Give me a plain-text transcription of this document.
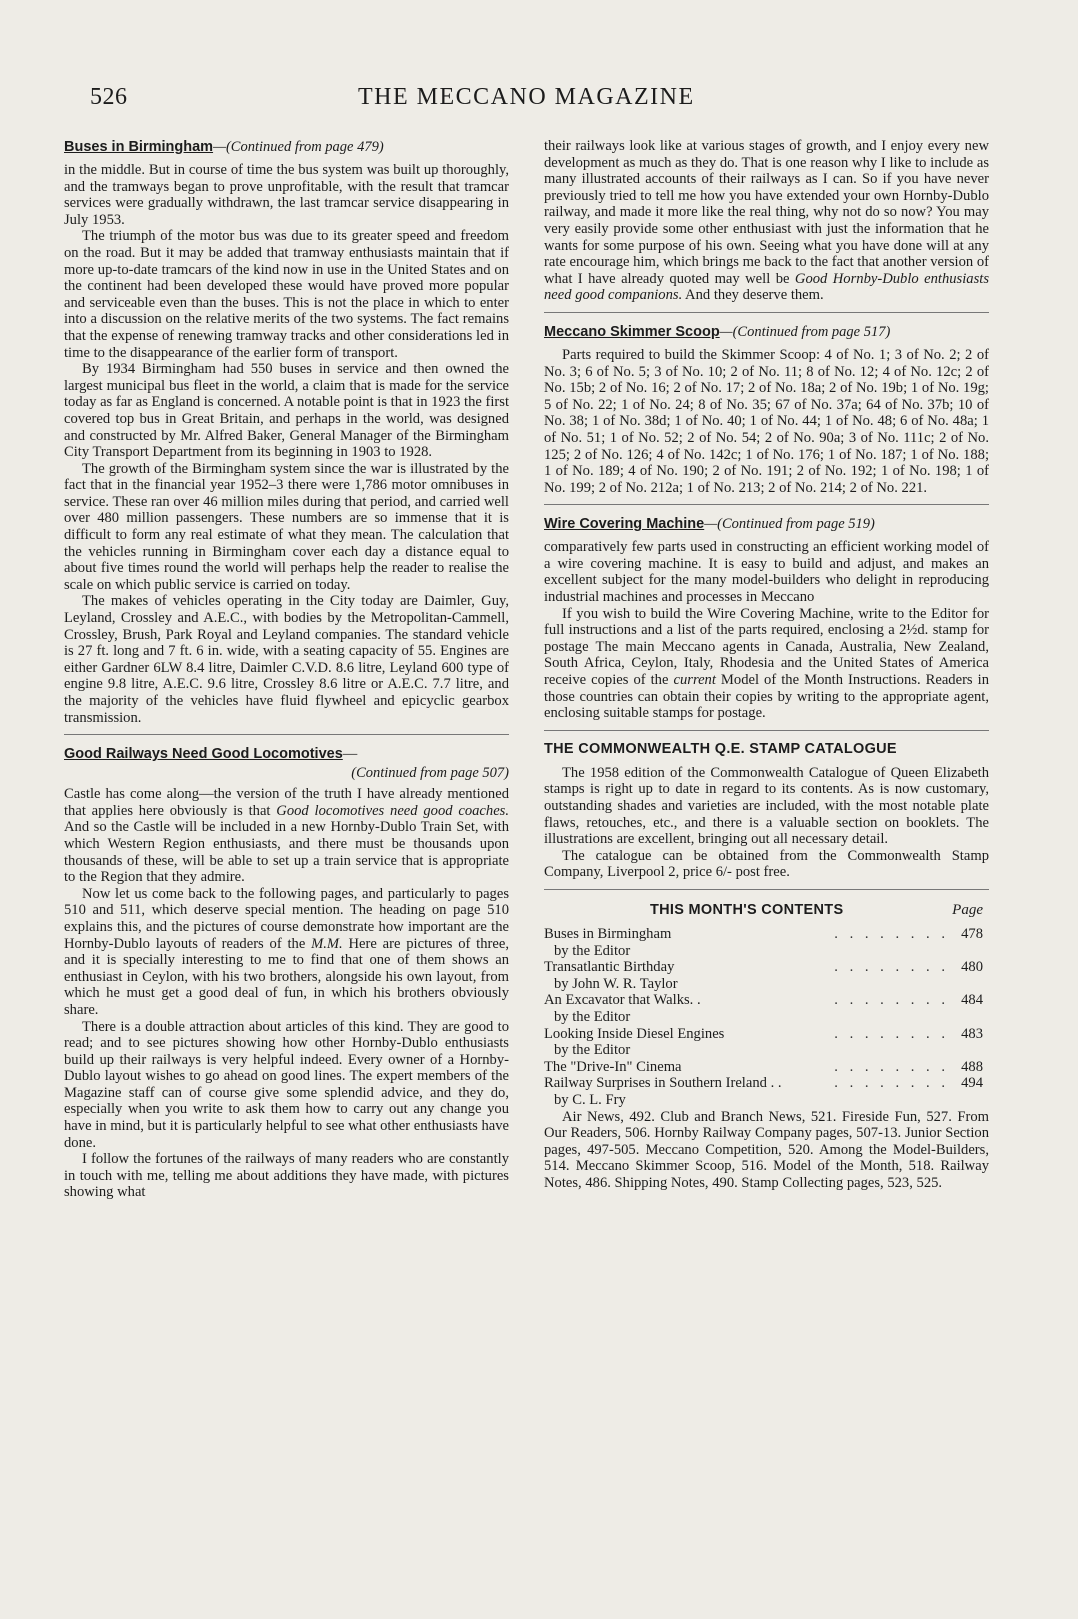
526	THE MECCANO MAGAZINE
Buses in Birmingham—(Continued from page 479)

in the middle. But in course of time the bus system was built up thoroughly, and the tramways began to prove unprofitable, with the result that tramcar services were gradually withdrawn, the last tramcar service disappearing in July 1953.

The triumph of the motor bus was due to its greater speed and freedom on the road. But it may be added that tramway enthusiasts maintain that if more up-to-date tramcars of the kind now in use in the United States and on the continent had been developed these would have proved more popular and serviceable even than the buses. This is not the place in which to enter into a discussion on the relative merits of the two systems. The fact remains that the expense of renewing tramway tracks and other considerations led in time to the disappearance of the earlier form of transport.

By 1934 Birmingham had 550 buses in service and then owned the largest municipal bus fleet in the world, a claim that is made for the service today as far as England is concerned. A notable point is that in 1923 the first covered top bus in Great Britain, and perhaps in the world, was designed and constructed by Mr. Alfred Baker, General Manager of the Birmingham City Transport Department from its beginning in 1903 to 1928.

The growth of the Birmingham system since the war is illustrated by the fact that in the financial year 1952–3 there were 1,786 motor omnibuses in service. These ran over 46 million miles during that period, and carried well over 480 million passengers. These numbers are so immense that it is difficult to form any real estimate of what they mean. The calculation that the vehicles running in Birmingham cover each day a distance equal to about five times round the world will perhaps help the reader to realise the scale on which public service is carried on today.

The makes of vehicles operating in the City today are Daimler, Guy, Leyland, Crossley and A.E.C., with bodies by the Metropolitan-Cammell, Crossley, Brush, Park Royal and Leyland companies. The standard vehicle is 27 ft. long and 7 ft. 6 in. wide, with a seating capacity of 55. Engines are either Gardner 6LW 8.4 litre, Daimler C.V.D. 8.6 litre, Leyland 600 type of engine 9.8 litre, A.E.C. 9.6 litre, Crossley 8.6 litre or A.E.C. 7.7 litre, and the majority of the vehicles have fluid flywheel and epicyclic gearbox transmission.

Good Railways Need Good Locomotives—
(Continued from page 507)

Castle has come along—the version of the truth I have already mentioned that applies here obviously is that Good locomotives need good coaches. And so the Castle will be included in a new Hornby-Dublo Train Set, with which Western Region enthusiasts, and there must be thousands upon thousands of these, will be able to set up a train service that is appropriate to the Region that they admire.

Now let us come back to the following pages, and particularly to pages 510 and 511, which deserve special mention. The heading on page 510 explains this, and the pictures of course demonstrate how important are the Hornby-Dublo layouts of readers of the M.M. Here are pictures of three, and it is specially interesting to me to find that one of them shows an enthusiast in Ceylon, with his two brothers, alongside his own layout, from which he must get a good deal of fun, in which his brothers obviously share.

There is a double attraction about articles of this kind. They are good to read; and to see pictures showing how other Hornby-Dublo enthusiasts build up their railways is very helpful indeed. Every owner of a Hornby-Dublo layout wishes to go ahead on good lines. The expert members of the Magazine staff can of course give some splendid advice, and they do, especially when you write to ask them how to carry out any change you have in mind, but it is particularly helpful to see what other enthusiasts have done.

I follow the fortunes of the railways of many readers who are constantly in touch with me, telling me about additions they have made, with pictures showing what

their railways look like at various stages of growth, and I enjoy every new development as much as they do. That is one reason why I like to include as many illustrated accounts of their railways as I can. So if you have never previously tried to tell me how you have extended your own Hornby-Dublo railway, and made it more like the real thing, why not do so now? You may very easily provide some other enthusiast with just the information that he wants for some purpose of his own. Seeing what you have done will at any rate encourage him, which brings me back to the fact that another version of what I have already quoted may well be Good Hornby-Dublo enthusiasts need good companions. And they deserve them.

Meccano Skimmer Scoop—(Continued from page 517)

Parts required to build the Skimmer Scoop: 4 of No. 1; 3 of No. 2; 2 of No. 3; 6 of No. 5; 3 of No. 10; 2 of No. 11; 8 of No. 12; 4 of No. 12c; 2 of No. 15b; 2 of No. 16; 2 of No. 17; 2 of No. 18a; 2 of No. 19b; 1 of No. 19g; 5 of No. 22; 1 of No. 24; 8 of No. 35; 67 of No. 37a; 64 of No. 37b; 10 of No. 38; 1 of No. 38d; 1 of No. 40; 1 of No. 44; 1 of No. 48; 6 of No. 48a; 1 of No. 51; 1 of No. 52; 2 of No. 54; 2 of No. 90a; 3 of No. 111c; 2 of No. 125; 2 of No. 126; 4 of No. 142c; 1 of No. 176; 1 of No. 187; 1 of No. 188; 1 of No. 189; 4 of No. 190; 2 of No. 191; 2 of No. 192; 1 of No. 198; 1 of No. 199; 2 of No. 212a; 1 of No. 213; 2 of No. 214; 2 of No. 221.

Wire Covering Machine—(Continued from page 519)

comparatively few parts used in constructing an efficient working model of a wire covering machine. It is easy to build and adjust, and makes an excellent subject for the many model-builders who delight in reproducing industrial machines and processes in Meccano

If you wish to build the Wire Covering Machine, write to the Editor for full instructions and a list of the parts required, enclosing a 2½d. stamp for postage The main Meccano agents in Canada, Australia, New Zealand, South Africa, Ceylon, Italy, Rhodesia and the United States of America receive copies of the current Model of the Month Instructions. Readers in those countries can obtain their copies by writing to the appropriate agent, enclosing suitable stamps for postage.

THE COMMONWEALTH Q.E. STAMP CATALOGUE

The 1958 edition of the Commonwealth Catalogue of Queen Elizabeth stamps is right up to date in regard to its contents. As is now customary, outstanding shades and varieties are included, with the most notable plate flaws, retouches, etc., and there is a valuable section on booklets. The illustrations are excellent, bringing out all necessary detail.

The catalogue can be obtained from the Commonwealth Stamp Company, Liverpool 2, price 6/- post free.

THIS MONTH'S CONTENTS	Page
Buses in Birmingham	. . . . . . . . 478
by the Editor
Transatlantic Birthday	. . . . . . . . 480
by John W. R. Taylor
An Excavator that Walks. .	. . . . . . . . 484
by the Editor
Looking Inside Diesel Engines	. . . . . . . . 483
by the Editor
The "Drive-In" Cinema	. . . . . . . . 488
Railway Surprises in Southern Ireland . .	. . . . . . . . 494
by C. L. Fry

Air News, 492. Club and Branch News, 521. Fireside Fun, 527. From Our Readers, 506. Hornby Railway Company pages, 507-13. Junior Section pages, 497-505. Meccano Competition, 520. Among the Model-Builders, 514. Meccano Skimmer Scoop, 516. Model of the Month, 518. Railway Notes, 486. Shipping Notes, 490. Stamp Collecting pages, 523, 525.
